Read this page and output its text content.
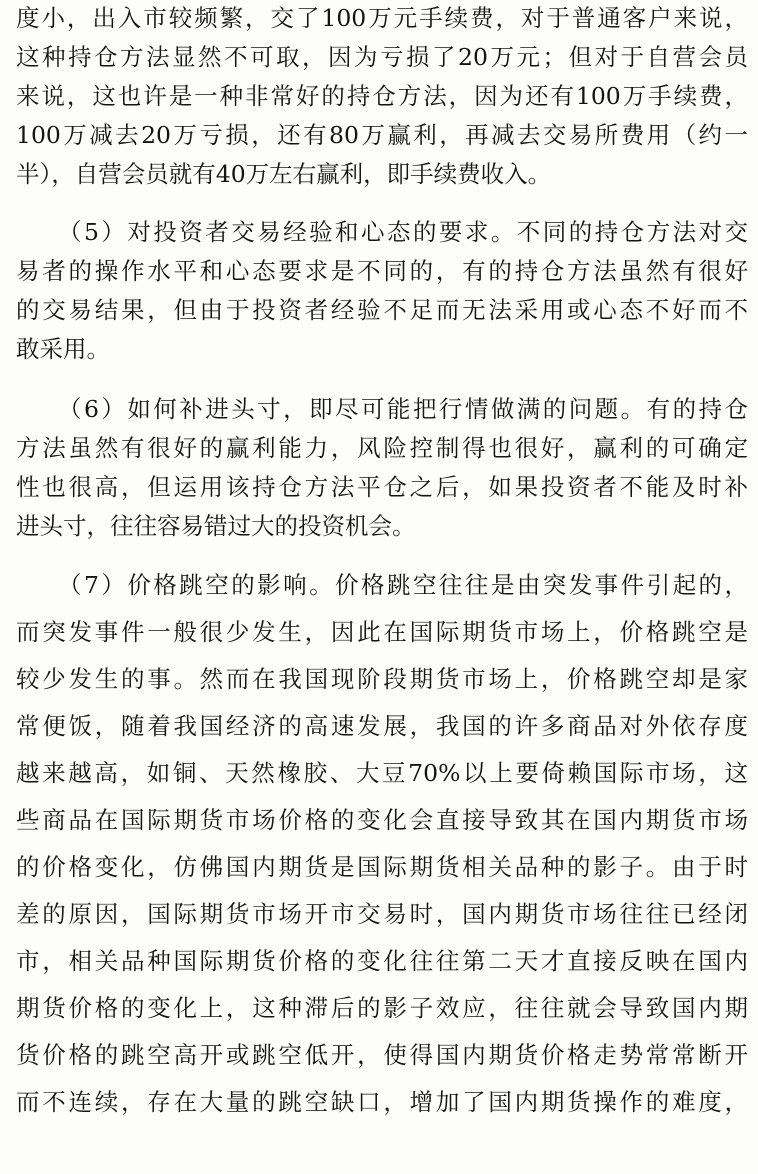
度小，出入市较频繁，交了100万元手续费，对于普通客户来说，
这种持仓方法显然不可取，因为亏损了20万元；但对于自营会员
来说，这也许是一种非常好的持仓方法，因为还有100万手续费，
100万减去20万亏损，还有80万赢利，再减去交易所费用（约一
半），自营会员就有40万左右赢利，即手续费收入。
（5）对投资者交易经验和心态的要求。不同的持仓方法对交
易者的操作水平和心态要求是不同的，有的持仓方法虽然有很好
的交易结果，但由于投资者经验不足而无法采用或心态不好而不
敢采用。
（6）如何补进头寸，即尽可能把行情做满的问题。有的持仓
方法虽然有很好的赢利能力，风险控制得也很好，赢利的可确定
性也很高，但运用该持仓方法平仓之后，如果投资者不能及时补
进头寸，往往容易错过大的投资机会。
（7）价格跳空的影响。价格跳空往往是由突发事件引起的，
而突发事件一般很少发生，因此在国际期货市场上，价格跳空是
较少发生的事。然而在我国现阶段期货市场上，价格跳空却是家
常便饭，随着我国经济的高速发展，我国的许多商品对外依存度
越来越高，如铜、天然橡胶、大豆70%以上要倚赖国际市场，这
些商品在国际期货市场价格的变化会直接导致其在国内期货市场
的价格变化，仿佛国内期货是国际期货相关品种的影子。由于时
差的原因，国际期货市场开市交易时，国内期货市场往往已经闭
市，相关品种国际期货价格的变化往往第二天才直接反映在国内
期货价格的变化上，这种滞后的影子效应，往往就会导致国内期
货价格的跳空高开或跳空低开，使得国内期货价格走势常常断开
而不连续，存在大量的跳空缺口，增加了国内期货操作的难度，
